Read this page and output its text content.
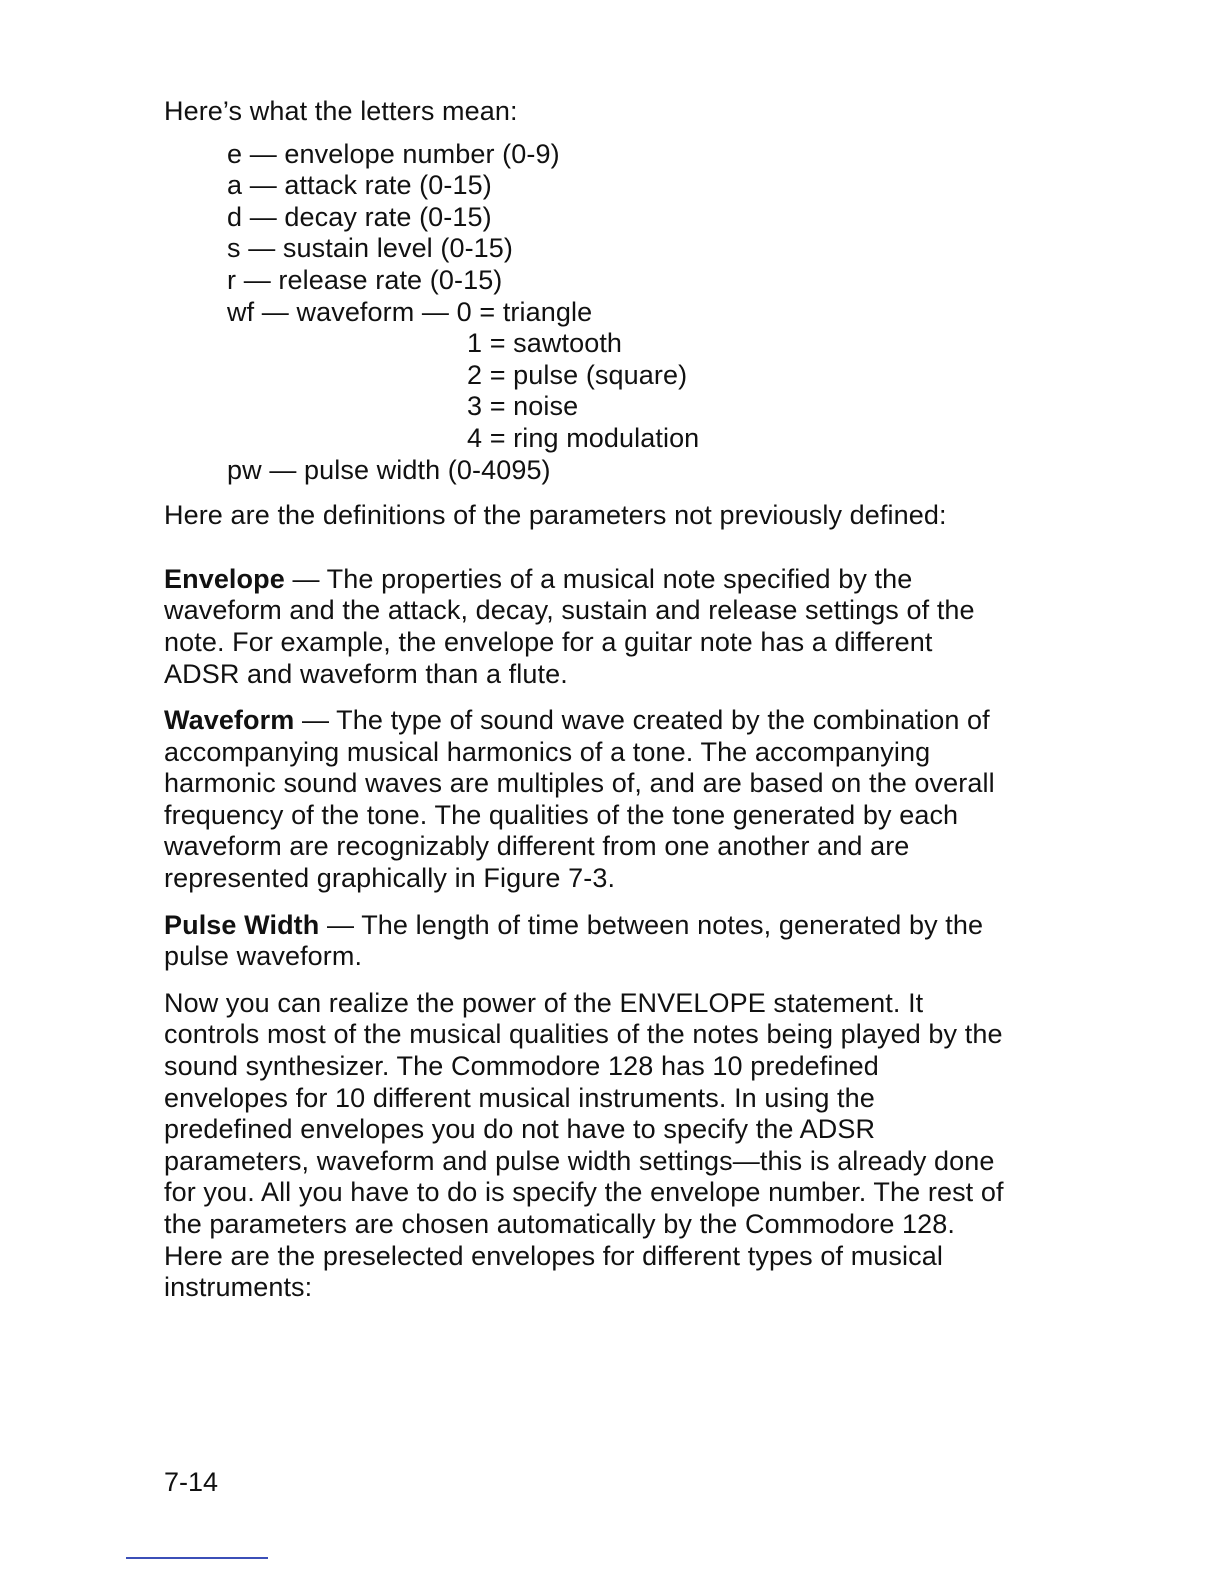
Here’s what the letters mean:

e — envelope number (0-9)
a — attack rate (0-15)
d — decay rate (0-15)
s — sustain level (0-15)
r — release rate (0-15)
wf — waveform — 0 = triangle
1 = sawtooth
2 = pulse (square)
3 = noise
4 = ring modulation
pw — pulse width (0-4095)

Here are the definitions of the parameters not previously defined:

Envelope — The properties of a musical note specified by the waveform and the attack, decay, sustain and release settings of the note. For example, the envelope for a guitar note has a different ADSR and waveform than a flute.

Waveform — The type of sound wave created by the combination of accompanying musical harmonics of a tone. The accompanying harmonic sound waves are multiples of, and are based on the overall frequency of the tone. The qualities of the tone generated by each waveform are recognizably different from one another and are represented graphically in Figure 7-3.

Pulse Width — The length of time between notes, generated by the pulse waveform.

Now you can realize the power of the ENVELOPE statement. It controls most of the musical qualities of the notes being played by the sound synthesizer. The Commodore 128 has 10 predefined envelopes for 10 different musical instruments. In using the predefined envelopes you do not have to specify the ADSR parameters, waveform and pulse width settings—this is already done for you. All you have to do is specify the envelope number. The rest of the parameters are chosen automatically by the Commodore 128. Here are the preselected envelopes for different types of musical instruments:

7-14
